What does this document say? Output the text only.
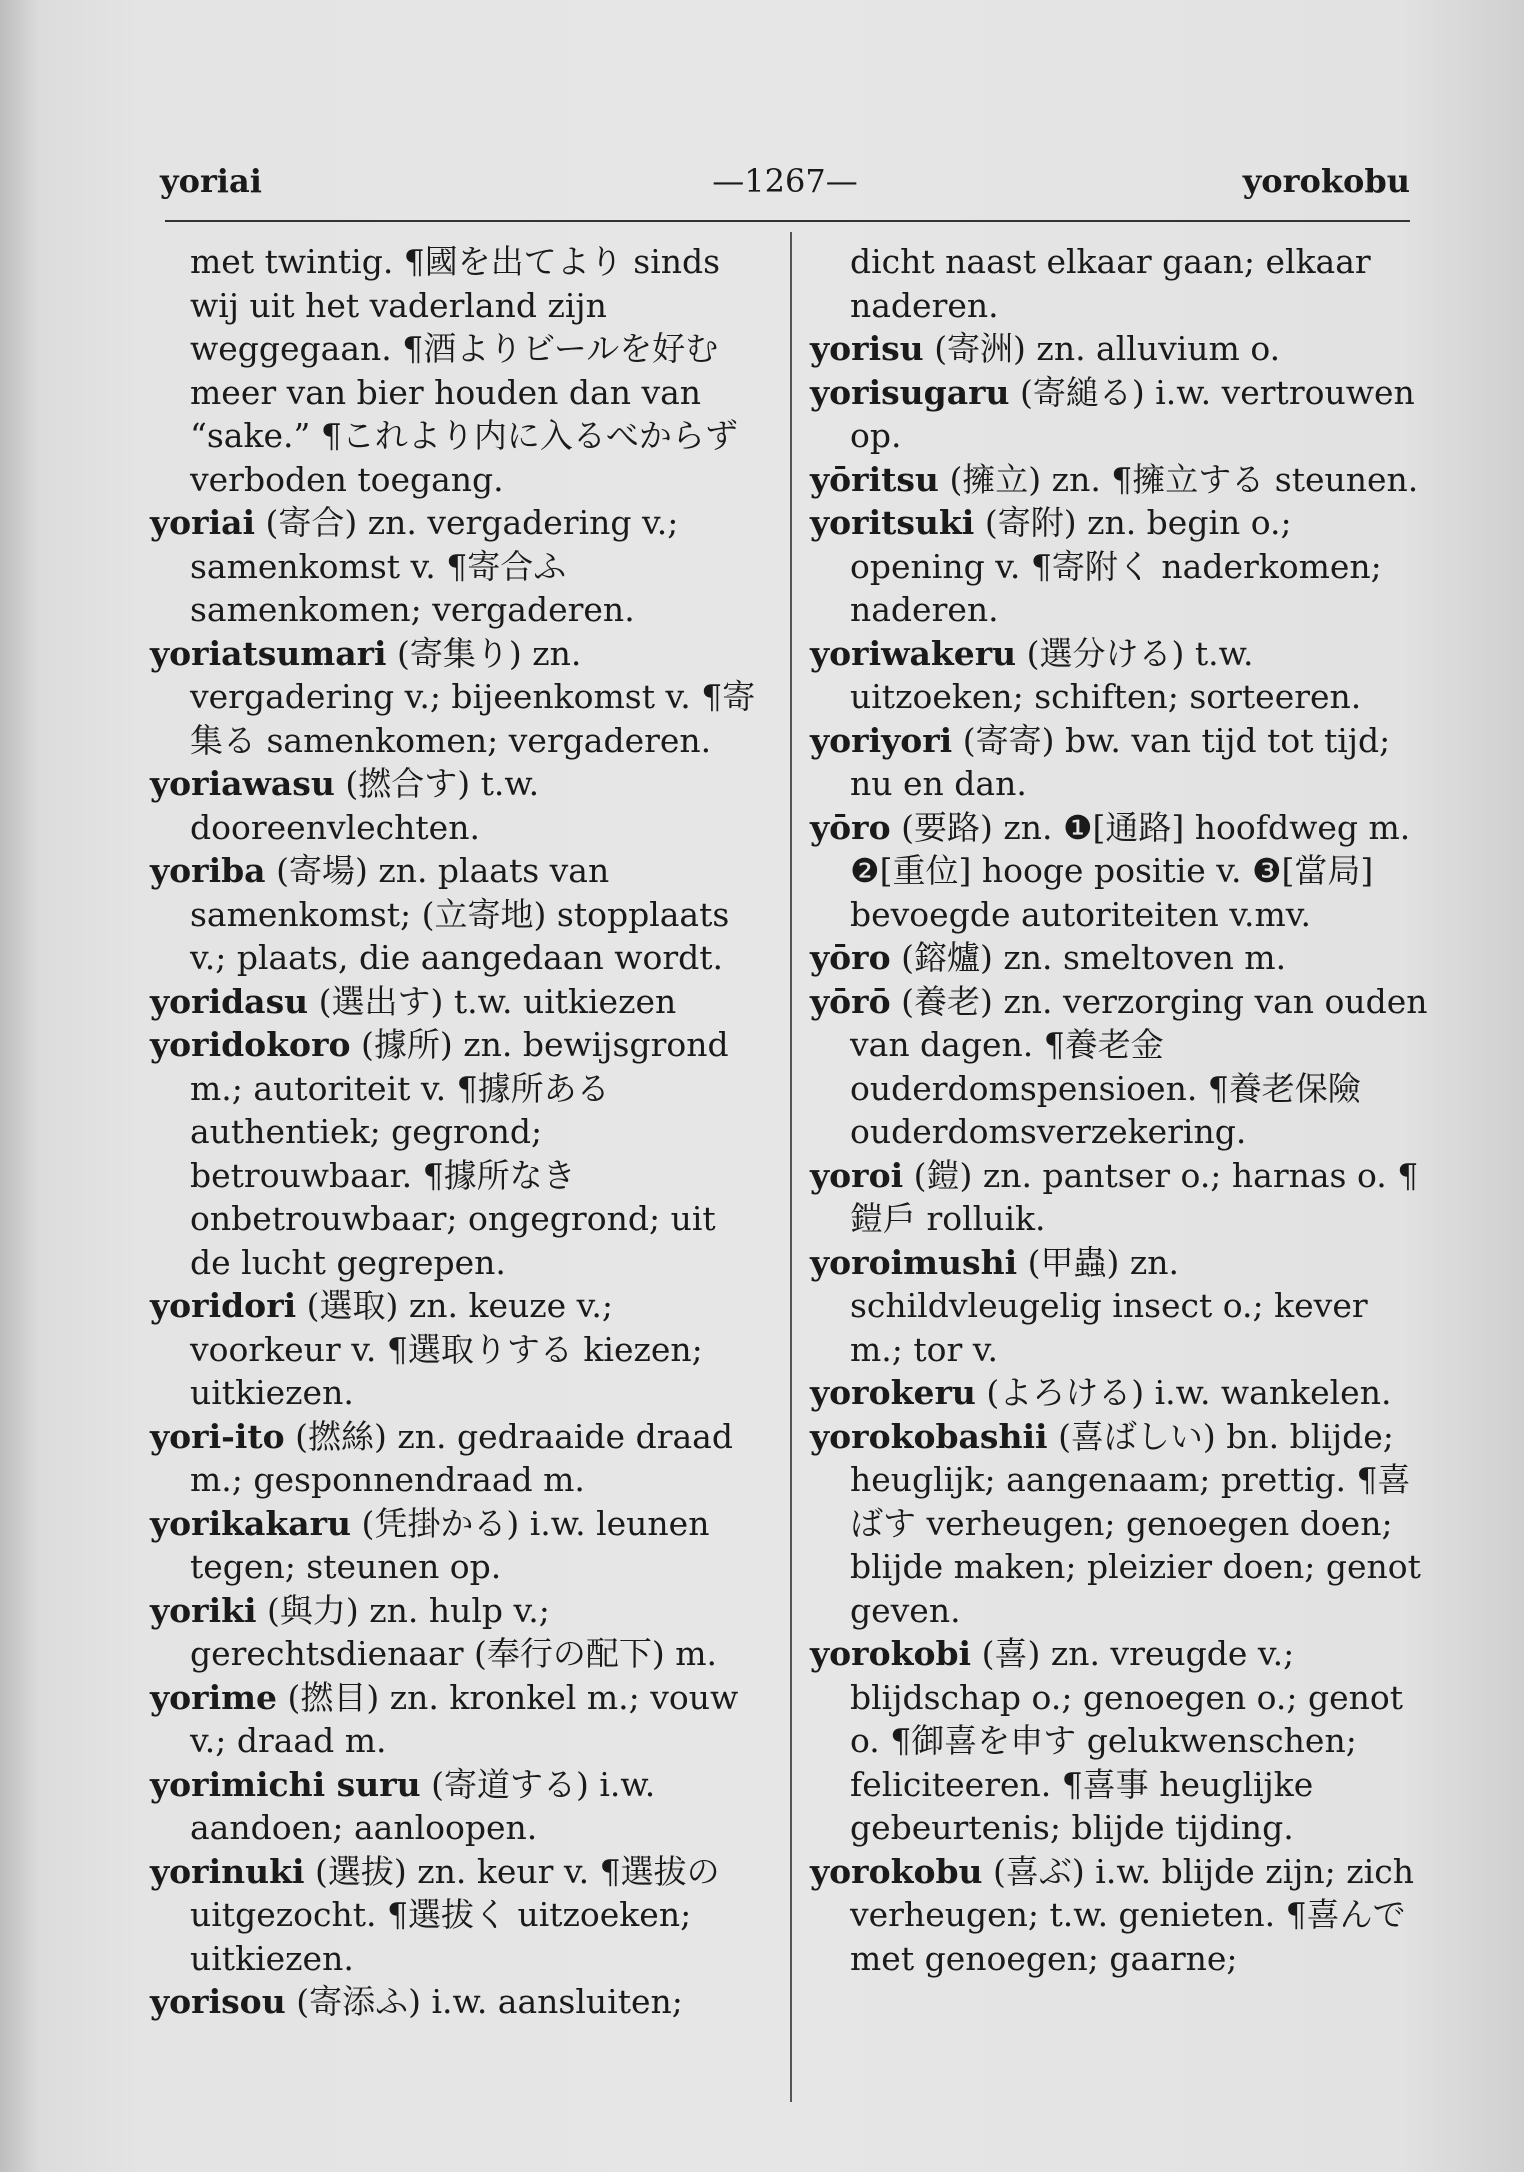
yoriai	—1267—	yorokobu

met twintig. ¶國を出てより sinds wij uit het vaderland zijn weggegaan. ¶酒よりビールを好む meer van bier houden dan van “sake.” ¶これより内に入るべからず verboden toegang.

yoriai (寄合) zn. vergadering v.; samenkomst v. ¶寄合ふ samenkomen; vergaderen.

yoriatsumari (寄集り) zn. vergadering v.; bijeenkomst v. ¶寄集る samenkomen; vergaderen.

yoriawasu (撚合す) t.w. dooreenvlechten.

yoriba (寄場) zn. plaats van samenkomst; (立寄地) stopplaats v.; plaats, die aangedaan wordt.

yoridasu (選出す) t.w. uitkiezen

yoridokoro (據所) zn. bewijsgrond m.; autoriteit v. ¶據所ある authentiek; gegrond; betrouwbaar. ¶據所なき onbetrouwbaar; ongegrond; uit de lucht gegrepen.

yoridori (選取) zn. keuze v.; voorkeur v. ¶選取りする kiezen; uitkiezen.

yori-ito (撚絲) zn. gedraaide draad m.; gesponnendraad m.

yorikakaru (凭掛かる) i.w. leunen tegen; steunen op.

yoriki (與力) zn. hulp v.; gerechtsdienaar (奉行の配下) m.

yorime (撚目) zn. kronkel m.; vouw v.; draad m.

yorimichi suru (寄道する) i.w. aandoen; aanloopen.

yorinuki (選拔) zn. keur v. ¶選拔の uitgezocht. ¶選拔く uitzoeken; uitkiezen.

yorisou (寄添ふ) i.w. aansluiten;

dicht naast elkaar gaan; elkaar naderen.

yorisu (寄洲) zn. alluvium o.

yorisugaru (寄縋る) i.w. vertrouwen op.

yōritsu (擁立) zn. ¶擁立する steunen.

yoritsuki (寄附) zn. begin o.; opening v. ¶寄附く naderkomen; naderen.

yoriwakeru (選分ける) t.w. uitzoeken; schiften; sorteeren.

yoriyori (寄寄) bw. van tijd tot tijd; nu en dan.

yōro (要路) zn. ❶[通路] hoofdweg m. ❷[重位] hooge positie v. ❸[當局] bevoegde autoriteiten v.mv.

yōro (鎔爐) zn. smeltoven m.

yōrō (養老) zn. verzorging van ouden van dagen. ¶養老金 ouderdomspensioen. ¶養老保險 ouderdomsverzekering.

yoroi (鎧) zn. pantser o.; harnas o. ¶鎧戶 rolluik.

yoroimushi (甲蟲) zn. schildvleugelig insect o.; kever m.; tor v.

yorokeru (よろける) i.w. wankelen.

yorokobashii (喜ばしい) bn. blijde; heuglijk; aangenaam; prettig. ¶喜ばす verheugen; genoegen doen; blijde maken; pleizier doen; genot geven.

yorokobi (喜) zn. vreugde v.; blijdschap o.; genoegen o.; genot o. ¶御喜を申す gelukwenschen; feliciteeren. ¶喜事 heuglijke gebeurtenis; blijde tijding.

yorokobu (喜ぶ) i.w. blijde zijn; zich verheugen; t.w. genieten. ¶喜んで met genoegen; gaarne;
